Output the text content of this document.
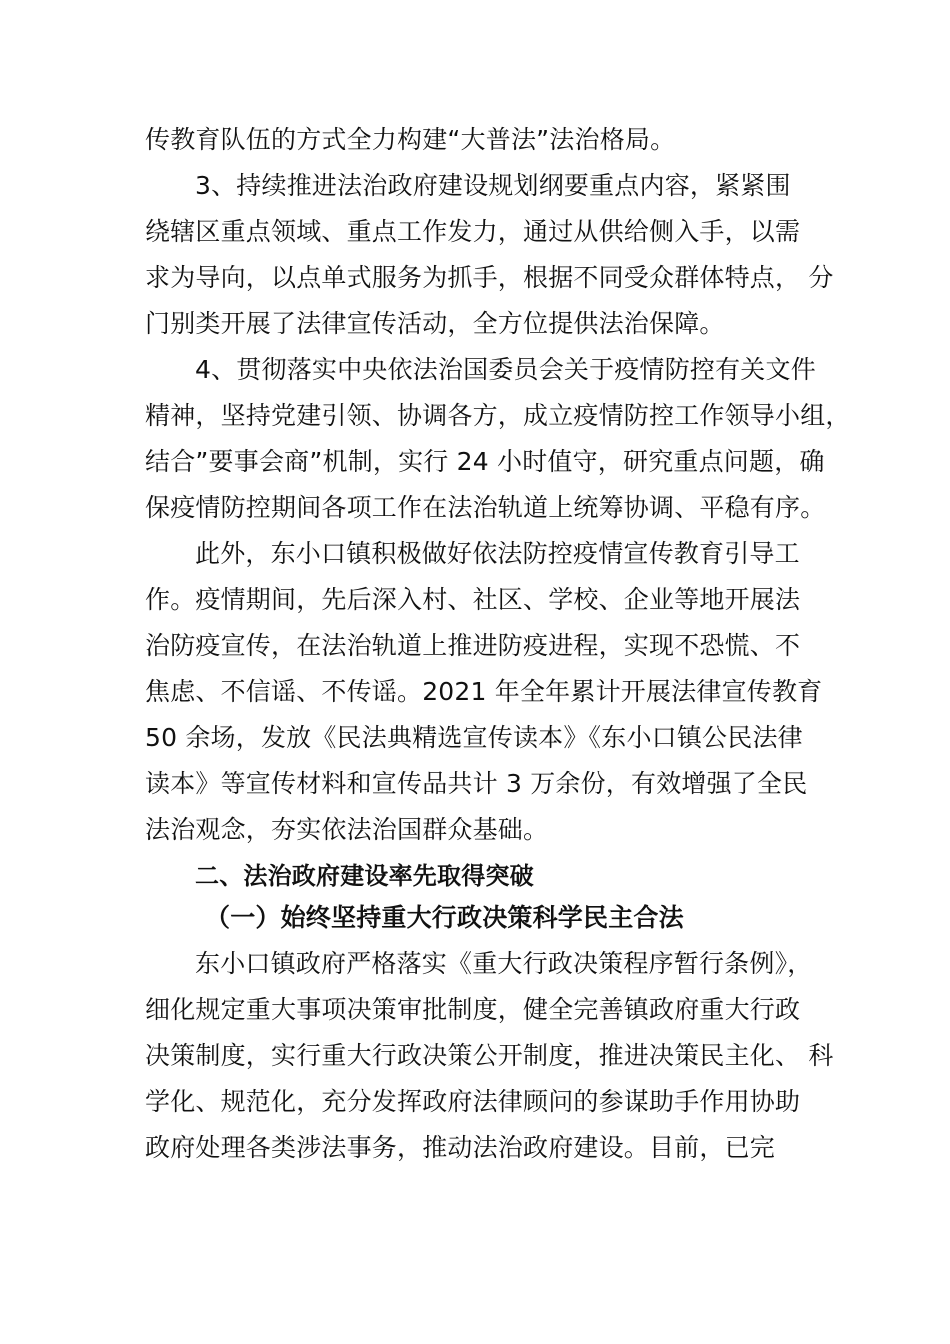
传教育队伍的方式全力构建“大普法”法治格局。
3、持续推进法治政府建设规划纲要重点内容，紧紧围
绕辖区重点领域、重点工作发力，通过从供给侧入手，以需
求为导向，以点单式服务为抓手，根据不同受众群体特点， 分
门别类开展了法律宣传活动，全方位提供法治保障。
4、贯彻落实中央依法治国委员会关于疫情防控有关文件
精神，坚持党建引领、协调各方，成立疫情防控工作领导小组，
结合”要事会商”机制，实行 24 小时值守，研究重点问题，确
保疫情防控期间各项工作在法治轨道上统筹协调、平稳有序。
此外，东小口镇积极做好依法防控疫情宣传教育引导工
作。疫情期间，先后深入村、社区、学校、企业等地开展法
治防疫宣传，在法治轨道上推进防疫进程，实现不恐慌、不
焦虑、不信谣、不传谣。2021 年全年累计开展法律宣传教育
50 余场，发放《民法典精选宣传读本》《东小口镇公民法律
读本》等宣传材料和宣传品共计 3 万余份，有效增强了全民
法治观念，夯实依法治国群众基础。
二、法治政府建设率先取得突破
（一）始终坚持重大行政决策科学民主合法
东小口镇政府严格落实《重大行政决策程序暂行条例》，
细化规定重大事项决策审批制度，健全完善镇政府重大行政
决策制度，实行重大行政决策公开制度，推进决策民主化、 科
学化、规范化，充分发挥政府法律顾问的参谋助手作用协助
政府处理各类涉法事务，推动法治政府建设。目前，已完
